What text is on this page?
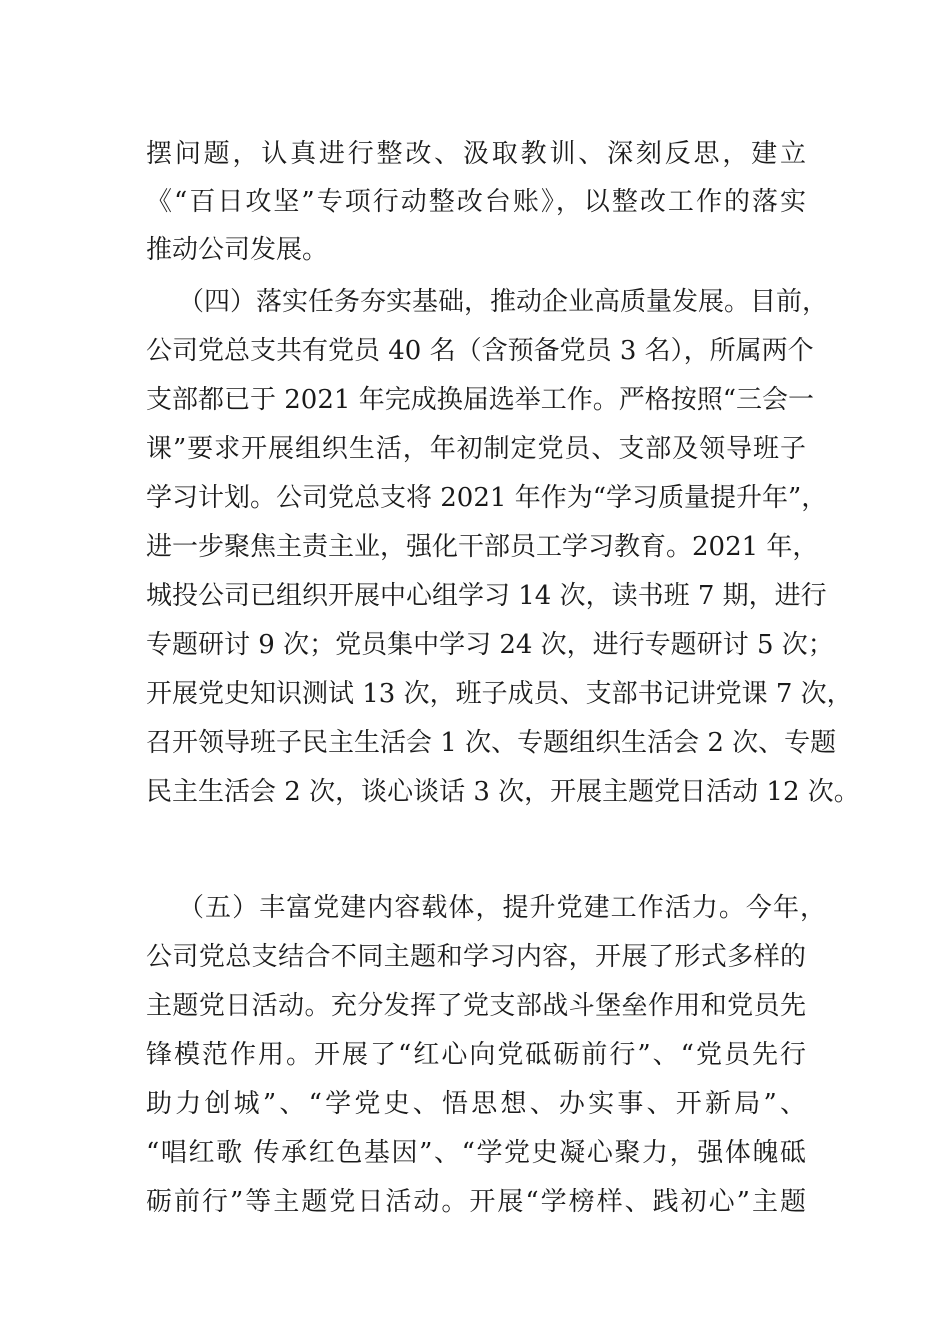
摆问题，认真进行整改、汲取教训、深刻反思，建立
《“百日攻坚”专项行动整改台账》，以整改工作的落实
推动公司发展。
（四）落实任务夯实基础，推动企业高质量发展。目前，
公司党总支共有党员 40 名（含预备党员 3 名），所属两个
支部都已于 2021 年完成换届选举工作。严格按照“三会一
课”要求开展组织生活，年初制定党员、支部及领导班子
学习计划。公司党总支将 2021 年作为“学习质量提升年”，
进一步聚焦主责主业，强化干部员工学习教育。2021 年，
城投公司已组织开展中心组学习 14 次，读书班 7 期，进行
专题研讨 9 次；党员集中学习 24 次，进行专题研讨 5 次；
开展党史知识测试 13 次，班子成员、支部书记讲党课 7 次，
召开领导班子民主生活会 1 次、专题组织生活会 2 次、专题
民主生活会 2 次，谈心谈话 3 次，开展主题党日活动 12 次。
（五）丰富党建内容载体，提升党建工作活力。今年，
公司党总支结合不同主题和学习内容，开展了形式多样的
主题党日活动。充分发挥了党支部战斗堡垒作用和党员先
锋模范作用。开展了“红心向党砥砺前行”、“党员先行
助力创城”、“学党史、悟思想、办实事、开新局”、
“唱红歌 传承红色基因”、“学党史凝心聚力，强体魄砥
砺前行”等主题党日活动。开展“学榜样、践初心”主题
